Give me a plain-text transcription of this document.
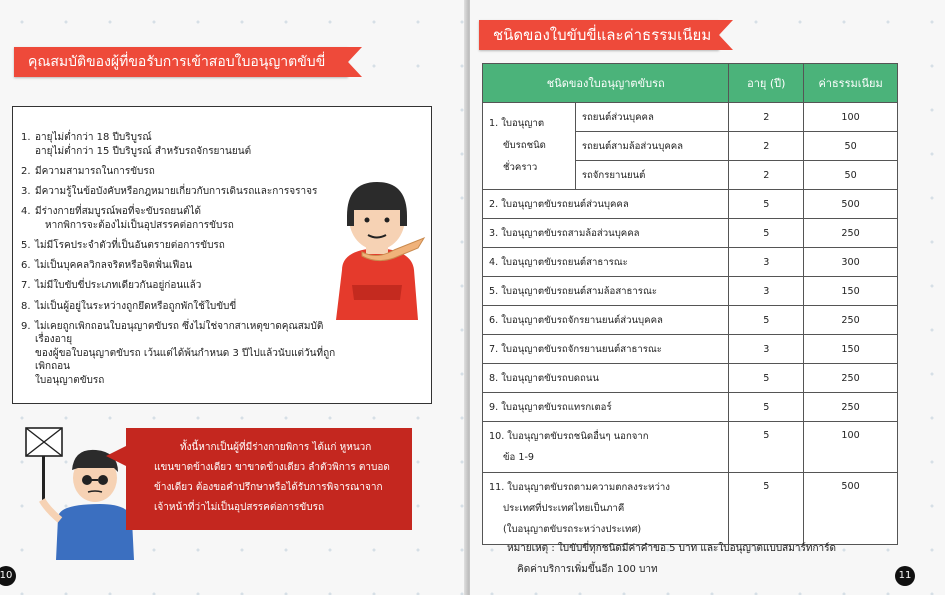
คุณสมบัติของผู้ที่ขอรับการเข้าสอบใบอนุญาตขับขี่
1. อายุไม่ต่ำกว่า 18 ปีบริบูรณ์
อายุไม่ต่ำกว่า 15 ปีบริบูรณ์ สำหรับรถจักรยานยนต์
2. มีความสามารถในการขับรถ
3. มีความรู้ในข้อบังคับหรือกฎหมายเกี่ยวกับการเดินรถและการจราจร
4. มีร่างกายที่สมบูรณ์พอที่จะขับรถยนต์ได้
หากพิการจะต้องไม่เป็นอุปสรรคต่อการขับรถ
5. ไม่มีโรคประจำตัวที่เป็นอันตรายต่อการขับรถ
6. ไม่เป็นบุคคลวิกลจริตหรือจิตฟั่นเฟือน
7. ไม่มีใบขับขี่ประเภทเดียวกันอยู่ก่อนแล้ว
8. ไม่เป็นผู้อยู่ในระหว่างถูกยึดหรือถูกพักใช้ใบขับขี่
9. ไม่เคยถูกเพิกถอนใบอนุญาตขับรถ ซึ่งไม่ใช่จากสาเหตุขาดคุณสมบัติเรื่องอายุ
ของผู้ขอใบอนุญาตขับรถ เว้นแต่ได้พ้นกำหนด 3 ปีไปแล้วนับแต่วันที่ถูกเพิกถอน
ใบอนุญาตขับรถ
ทั้งนี้หากเป็นผู้ที่มีร่างกายพิการ ได้แก่ หูหนวก
แขนขาดข้างเดียว ขาขาดข้างเดียว ลำตัวพิการ ตาบอด
ข้างเดียว ต้องขอคำปรึกษาหรือได้รับการพิจารณาจาก
เจ้าหน้าที่ว่าไม่เป็นอุปสรรคต่อการขับรถ
10
ชนิดของใบขับขี่และค่าธรรมเนียม
ชนิดของใบอนุญาตขับรถ		อายุ (ปี)	ค่าธรรมเนียม

1. ใบอนุญาต
ขับรถชนิด
ชั่วคราว	รถยนต์ส่วนบุคคล	2	100
	รถยนต์สามล้อส่วนบุคคล	2	50
	รถจักรยานยนต์	2	50

2. ใบอนุญาตขับรถยนต์ส่วนบุคคล		5	500

3. ใบอนุญาตขับรถสามล้อส่วนบุคคล		5	250

4. ใบอนุญาตขับรถยนต์สาธารณะ		3	300

5. ใบอนุญาตขับรถยนต์สามล้อสาธารณะ		3	150

6. ใบอนุญาตขับรถจักรยานยนต์ส่วนบุคคล		5	250

7. ใบอนุญาตขับรถจักรยานยนต์สาธารณะ		3	150

8. ใบอนุญาตขับรถบดถนน		5	250

9. ใบอนุญาตขับรถแทรกเตอร์		5	250

10. ใบอนุญาตขับรถชนิดอื่นๆ นอกจาก
ข้อ 1-9		5	100

11. ใบอนุญาตขับรถตามความตกลงระหว่าง
ประเทศที่ประเทศไทยเป็นภาคี
(ใบอนุญาตขับรถระหว่างประเทศ)		5	500
หมายเหตุ : ใบขับขี่ทุกชนิดมีค่าคำขอ 5 บาท และใบอนุญาตแบบสมาร์ทการ์ด
คิดค่าบริการเพิ่มขึ้นอีก 100 บาท
11
